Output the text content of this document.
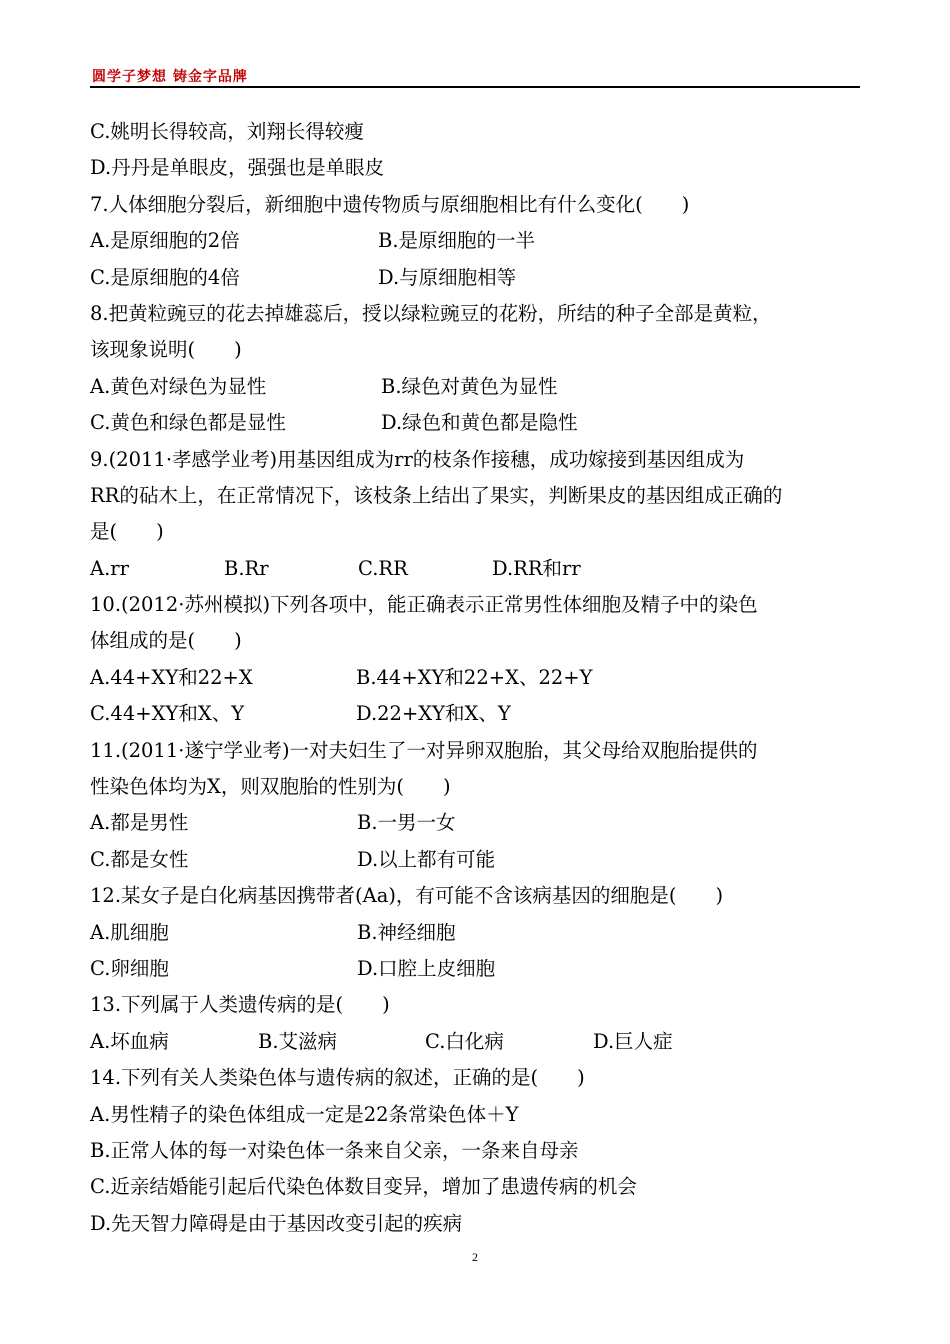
圆学子梦想 铸金字品牌
C.姚明长得较高，刘翔长得较瘦
D.丹丹是单眼皮，强强也是单眼皮
7.人体细胞分裂后，新细胞中遗传物质与原细胞相比有什么变化(　　)
A.是原细胞的2倍	B.是原细胞的一半
C.是原细胞的4倍	D.与原细胞相等
8.把黄粒豌豆的花去掉雄蕊后，授以绿粒豌豆的花粉，所结的种子全部是黄粒，
该现象说明(　　)
A.黄色对绿色为显性	B.绿色对黄色为显性
C.黄色和绿色都是显性	D.绿色和黄色都是隐性
9.(2011·孝感学业考)用基因组成为rr的枝条作接穗，成功嫁接到基因组成为
RR的砧木上，在正常情况下，该枝条上结出了果实，判断果皮的基因组成正确的
是(　　)
A.rr	B.Rr	C.RR	D.RR和rr
10.(2012·苏州模拟)下列各项中，能正确表示正常男性体细胞及精子中的染色
体组成的是(　　)
A.44+XY和22+X	B.44+XY和22+X、22+Y
C.44+XY和X、Y	D.22+XY和X、Y
11.(2011·遂宁学业考)一对夫妇生了一对异卵双胞胎，其父母给双胞胎提供的
性染色体均为X，则双胞胎的性别为(　　)
A.都是男性	B.一男一女
C.都是女性	D.以上都有可能
12.某女子是白化病基因携带者(Aa)，有可能不含该病基因的细胞是(　　)
A.肌细胞	B.神经细胞
C.卵细胞	D.口腔上皮细胞
13.下列属于人类遗传病的是(　　)
A.坏血病	B.艾滋病	C.白化病	D.巨人症
14.下列有关人类染色体与遗传病的叙述，正确的是(　　)
A.男性精子的染色体组成一定是22条常染色体＋Y
B.正常人体的每一对染色体一条来自父亲，一条来自母亲
C.近亲结婚能引起后代染色体数目变异，增加了患遗传病的机会
D.先天智力障碍是由于基因改变引起的疾病
2
